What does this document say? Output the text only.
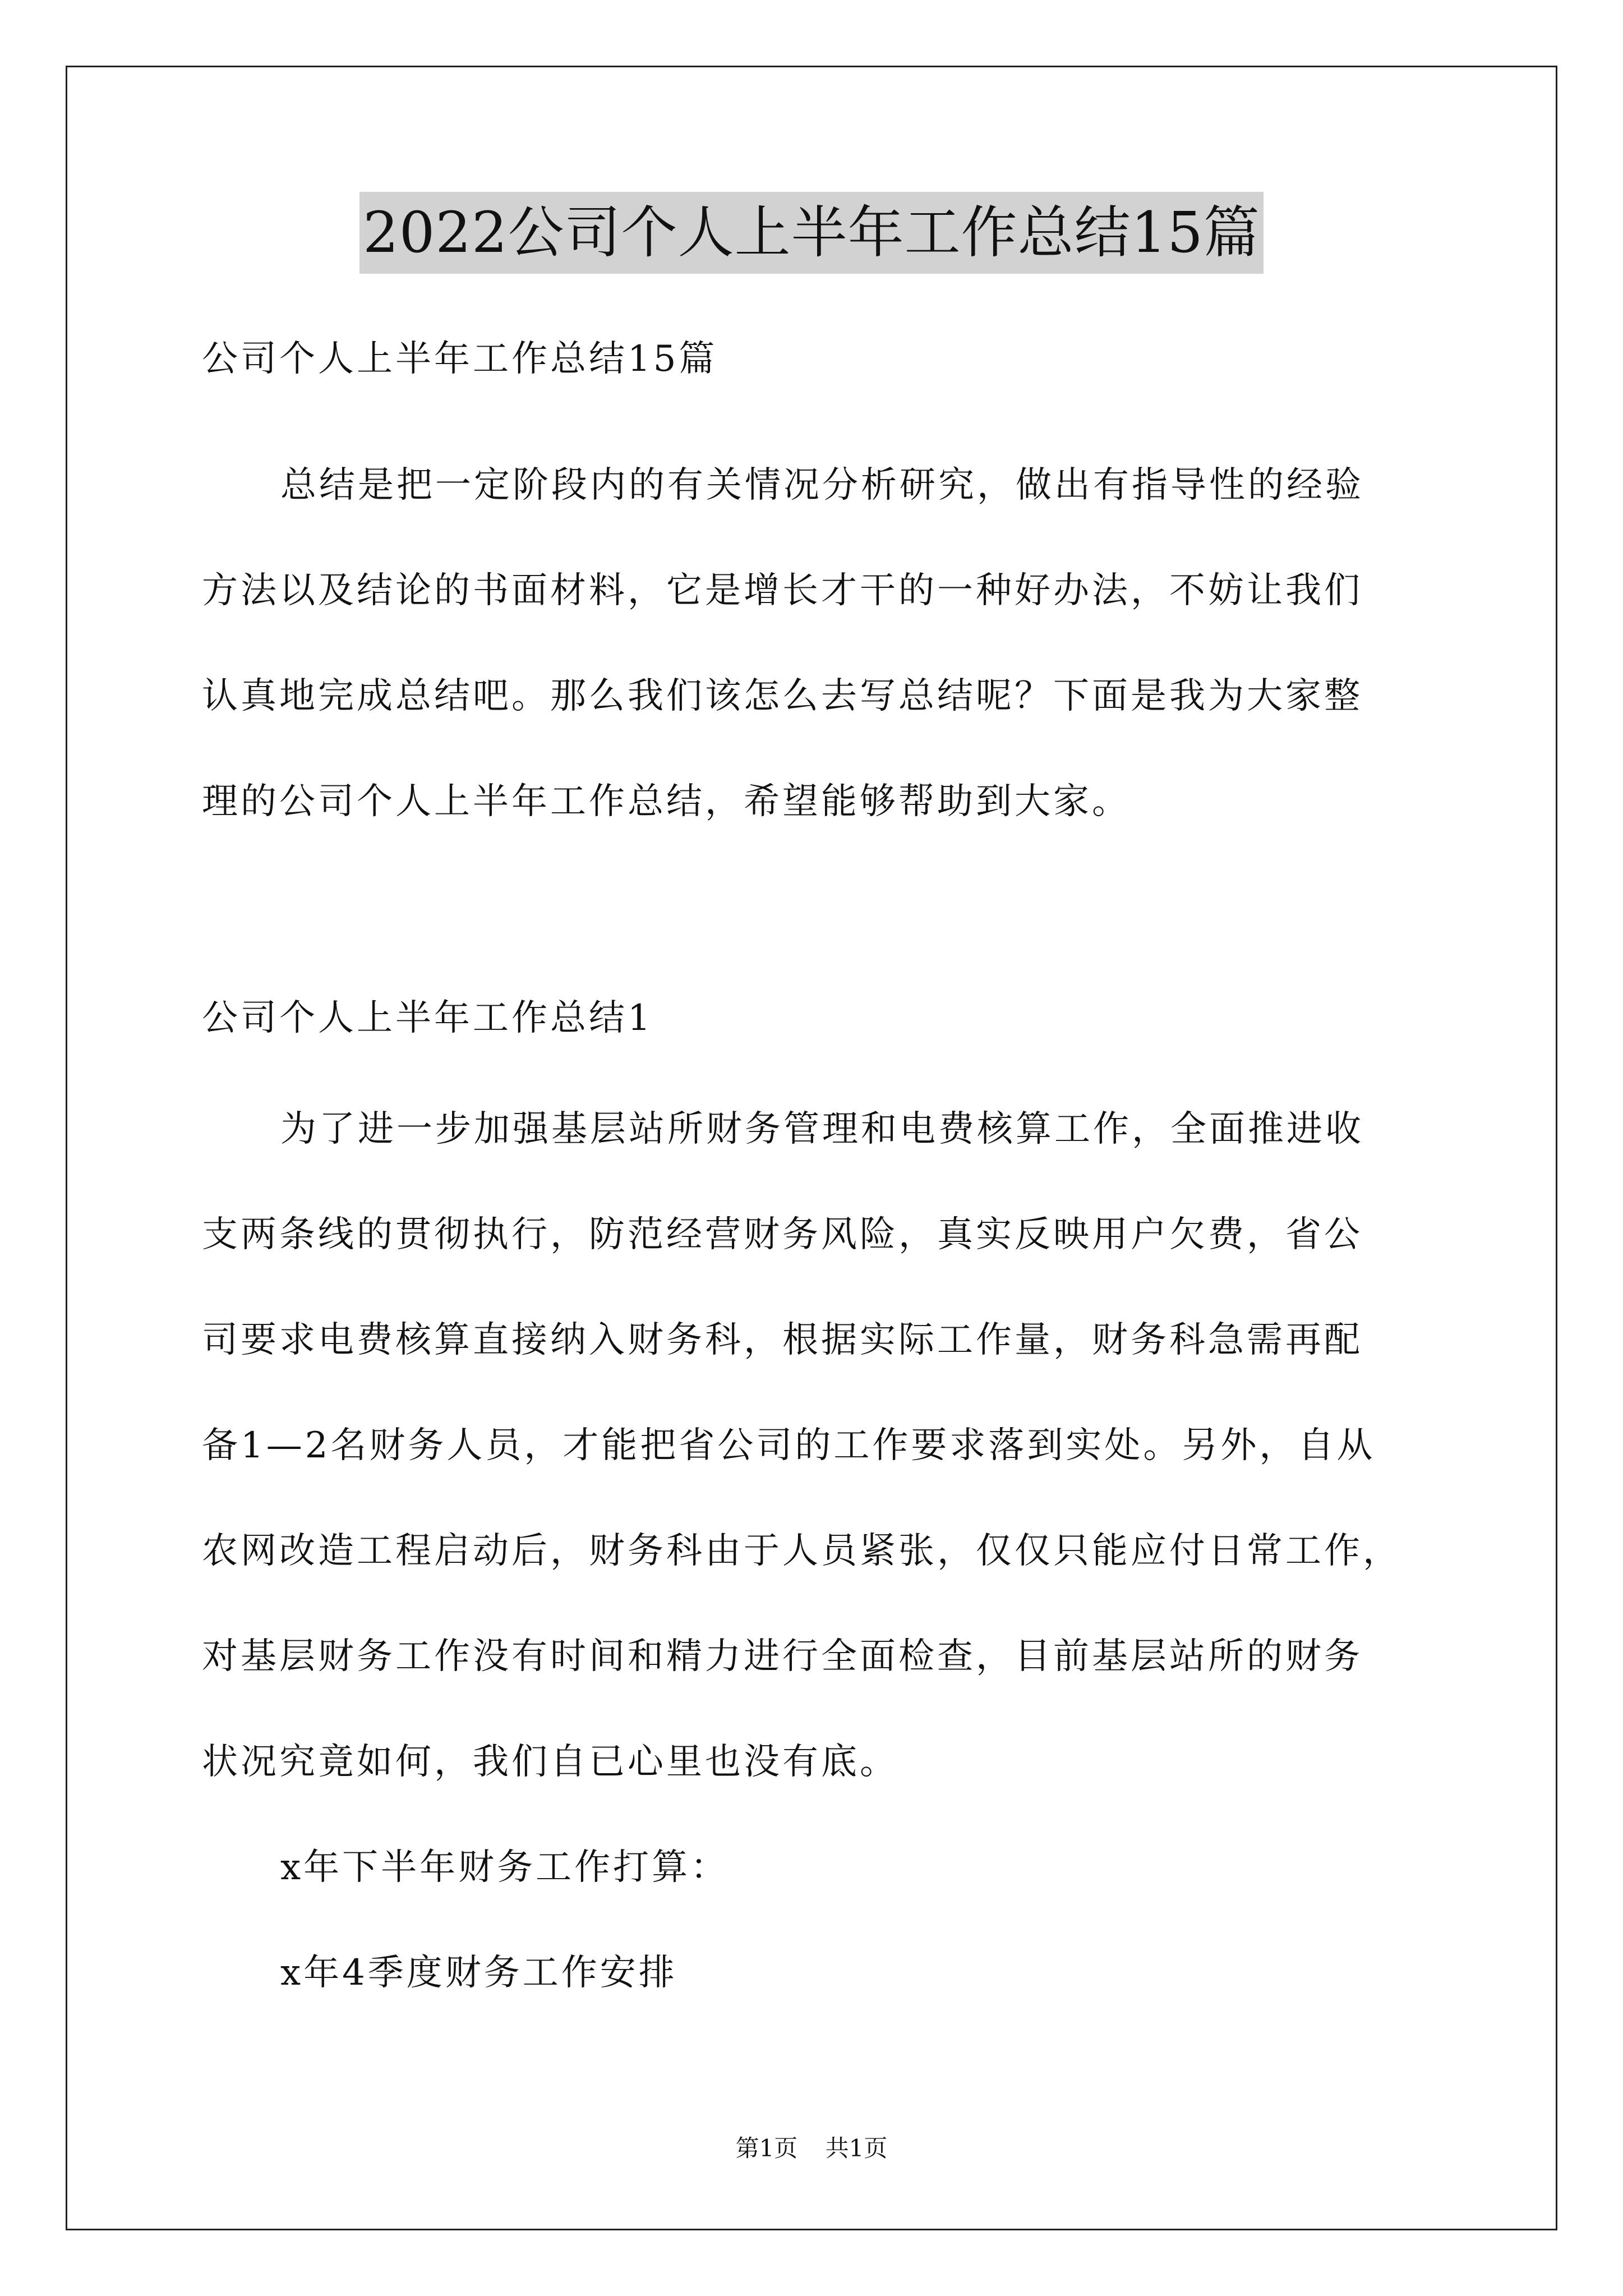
2022公司个人上半年工作总结15篇
公司个人上半年工作总结15篇
总结是把一定阶段内的有关情况分析研究，做出有指导性的经验
方法以及结论的书面材料，它是增长才干的一种好办法，不妨让我们
认真地完成总结吧。那么我们该怎么去写总结呢？下面是我为大家整
理的公司个人上半年工作总结，希望能够帮助到大家。
公司个人上半年工作总结1
为了进一步加强基层站所财务管理和电费核算工作，全面推进收
支两条线的贯彻执行，防范经营财务风险，真实反映用户欠费，省公
司要求电费核算直接纳入财务科，根据实际工作量，财务科急需再配
备1—2名财务人员，才能把省公司的工作要求落到实处。另外，自从
农网改造工程启动后，财务科由于人员紧张，仅仅只能应付日常工作，
对基层财务工作没有时间和精力进行全面检查，目前基层站所的财务
状况究竟如何，我们自已心里也没有底。
x年下半年财务工作打算：
x年4季度财务工作安排
第1页 共1页
